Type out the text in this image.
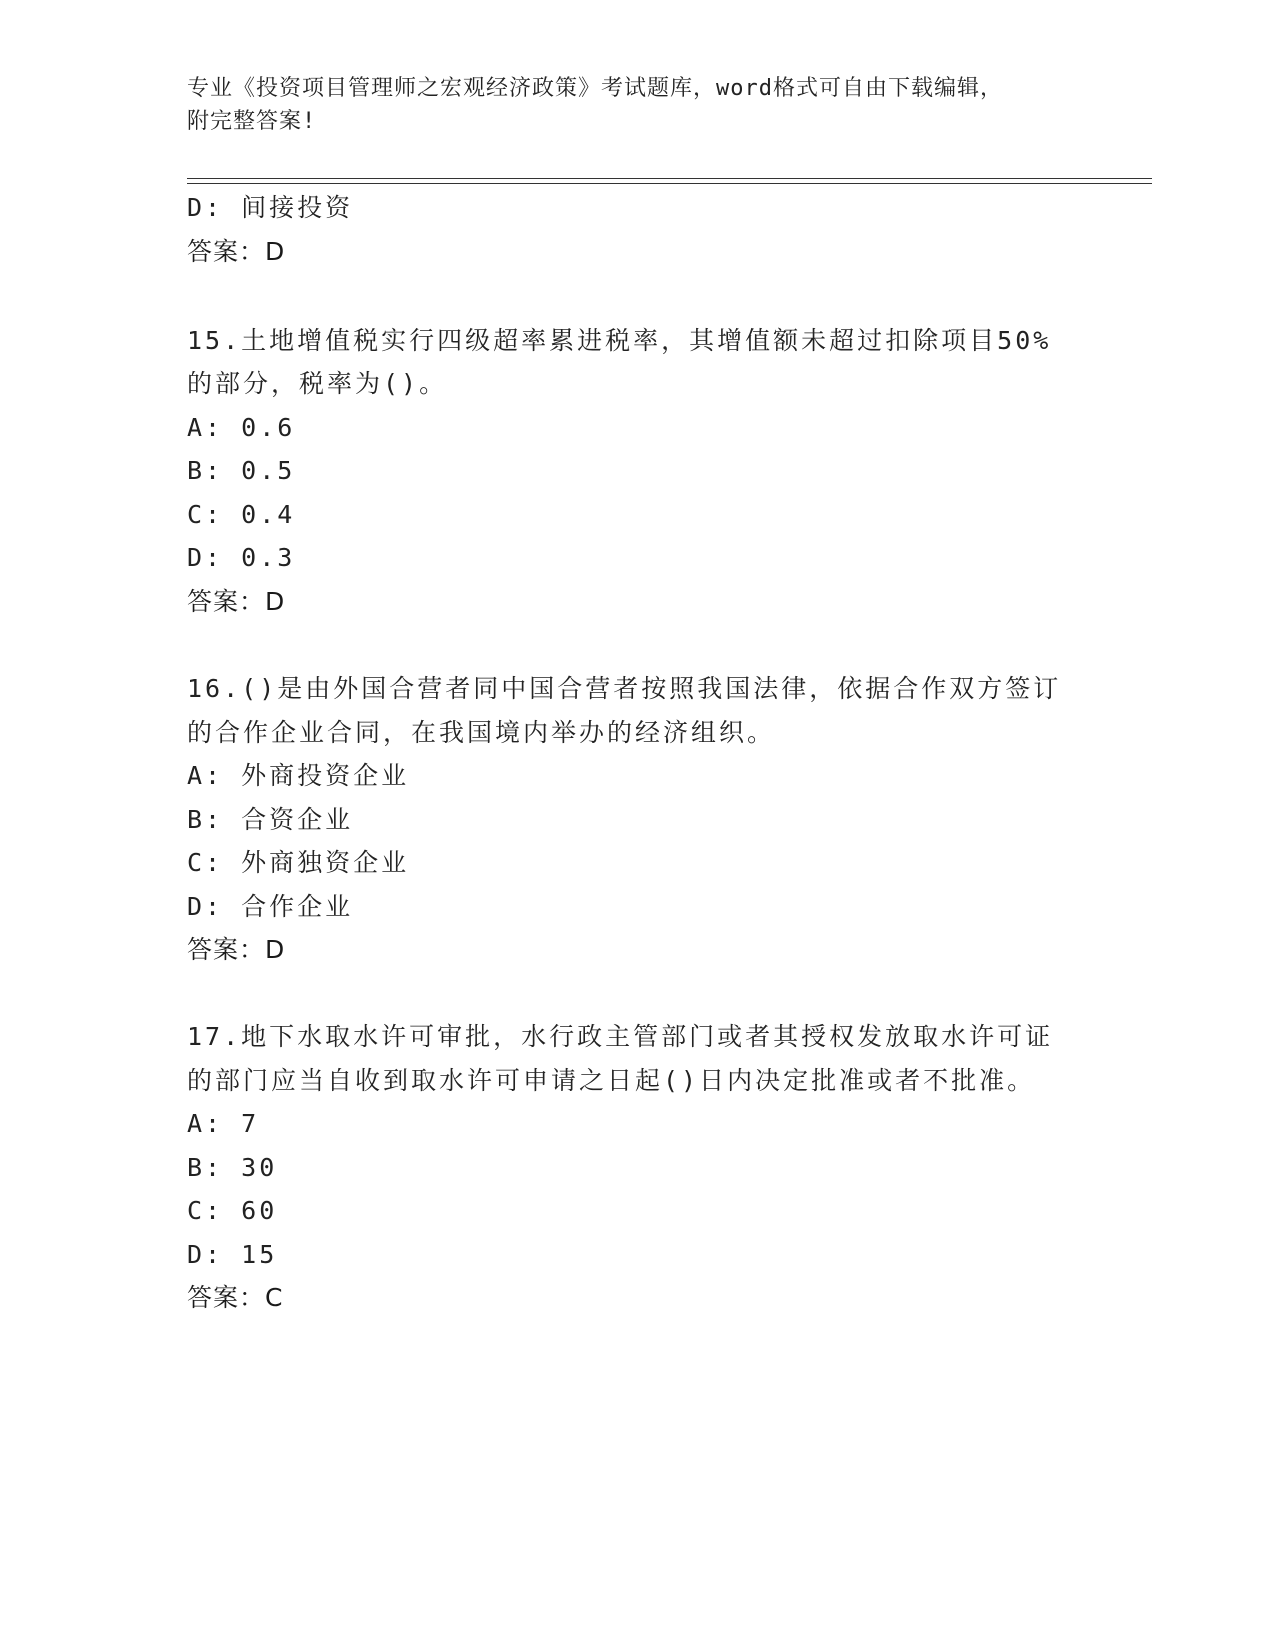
专业《投资项目管理师之宏观经济政策》考试题库，word格式可自由下载编辑，
附完整答案!
D: 间接投资
答案：D
15.土地增值税实行四级超率累进税率，其增值额未超过扣除项目50%
的部分，税率为()。
A: 0.6
B: 0.5
C: 0.4
D: 0.3
答案：D
16.()是由外国合营者同中国合营者按照我国法律，依据合作双方签订
的合作企业合同，在我国境内举办的经济组织。
A: 外商投资企业
B: 合资企业
C: 外商独资企业
D: 合作企业
答案：D
17.地下水取水许可审批，水行政主管部门或者其授权发放取水许可证
的部门应当自收到取水许可申请之日起()日内决定批准或者不批准。
A: 7
B: 30
C: 60
D: 15
答案：C
